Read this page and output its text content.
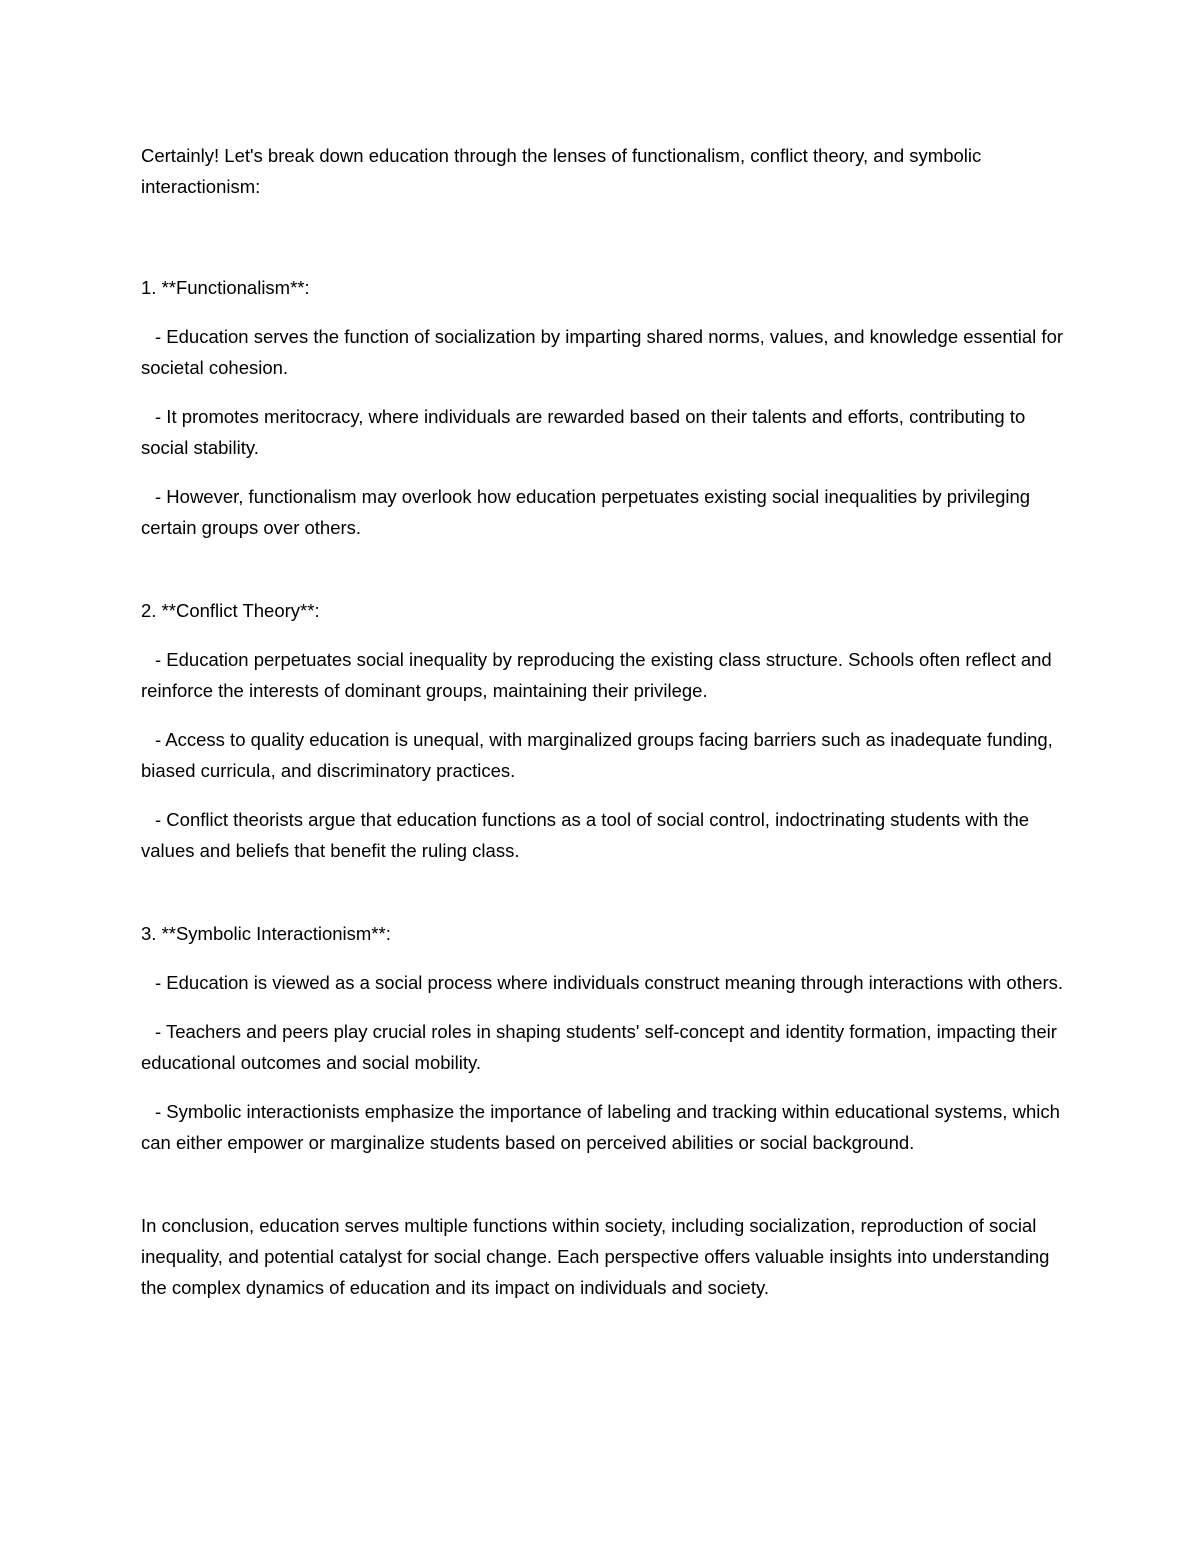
Certainly! Let's break down education through the lenses of functionalism, conflict theory, and symbolic interactionism:

1. **Functionalism**:

- Education serves the function of socialization by imparting shared norms, values, and knowledge essential for societal cohesion.

- It promotes meritocracy, where individuals are rewarded based on their talents and efforts, contributing to social stability.

- However, functionalism may overlook how education perpetuates existing social inequalities by privileging certain groups over others.

2. **Conflict Theory**:

- Education perpetuates social inequality by reproducing the existing class structure. Schools often reflect and reinforce the interests of dominant groups, maintaining their privilege.

- Access to quality education is unequal, with marginalized groups facing barriers such as inadequate funding, biased curricula, and discriminatory practices.

- Conflict theorists argue that education functions as a tool of social control, indoctrinating students with the values and beliefs that benefit the ruling class.

3. **Symbolic Interactionism**:

- Education is viewed as a social process where individuals construct meaning through interactions with others.

- Teachers and peers play crucial roles in shaping students' self-concept and identity formation, impacting their educational outcomes and social mobility.

- Symbolic interactionists emphasize the importance of labeling and tracking within educational systems, which can either empower or marginalize students based on perceived abilities or social background.

In conclusion, education serves multiple functions within society, including socialization, reproduction of social inequality, and potential catalyst for social change. Each perspective offers valuable insights into understanding the complex dynamics of education and its impact on individuals and society.
